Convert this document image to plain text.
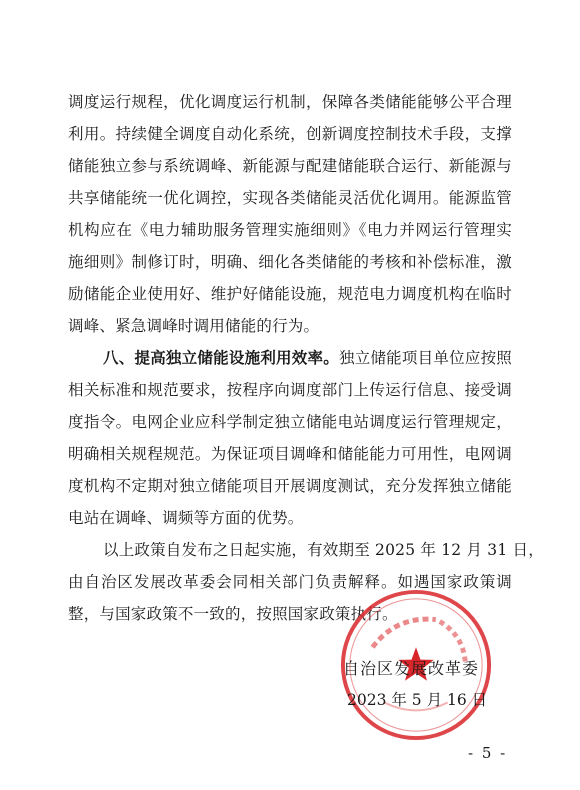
调度运行规程，优化调度运行机制，保障各类储能能够公平合理
利用。持续健全调度自动化系统，创新调度控制技术手段，支撑
储能独立参与系统调峰、新能源与配建储能联合运行、新能源与
共享储能统一优化调控，实现各类储能灵活优化调用。能源监管
机构应在《电力辅助服务管理实施细则》《电力并网运行管理实
施细则》制修订时，明确、细化各类储能的考核和补偿标准，激
励储能企业使用好、维护好储能设施，规范电力调度机构在临时
调峰、紧急调峰时调用储能的行为。
八、提高独立储能设施利用效率。独立储能项目单位应按照
相关标准和规范要求，按程序向调度部门上传运行信息、接受调
度指令。电网企业应科学制定独立储能电站调度运行管理规定，
明确相关规程规范。为保证项目调峰和储能能力可用性，电网调
度机构不定期对独立储能项目开展调度测试，充分发挥独立储能
电站在调峰、调频等方面的优势。
以上政策自发布之日起实施，有效期至 2025 年 12 月 31 日，
由自治区发展改革委会同相关部门负责解释。如遇国家政策调
整，与国家政策不一致的，按照国家政策执行。
自治区发展改革委
2023 年 5 月 16 日
- 5 -
